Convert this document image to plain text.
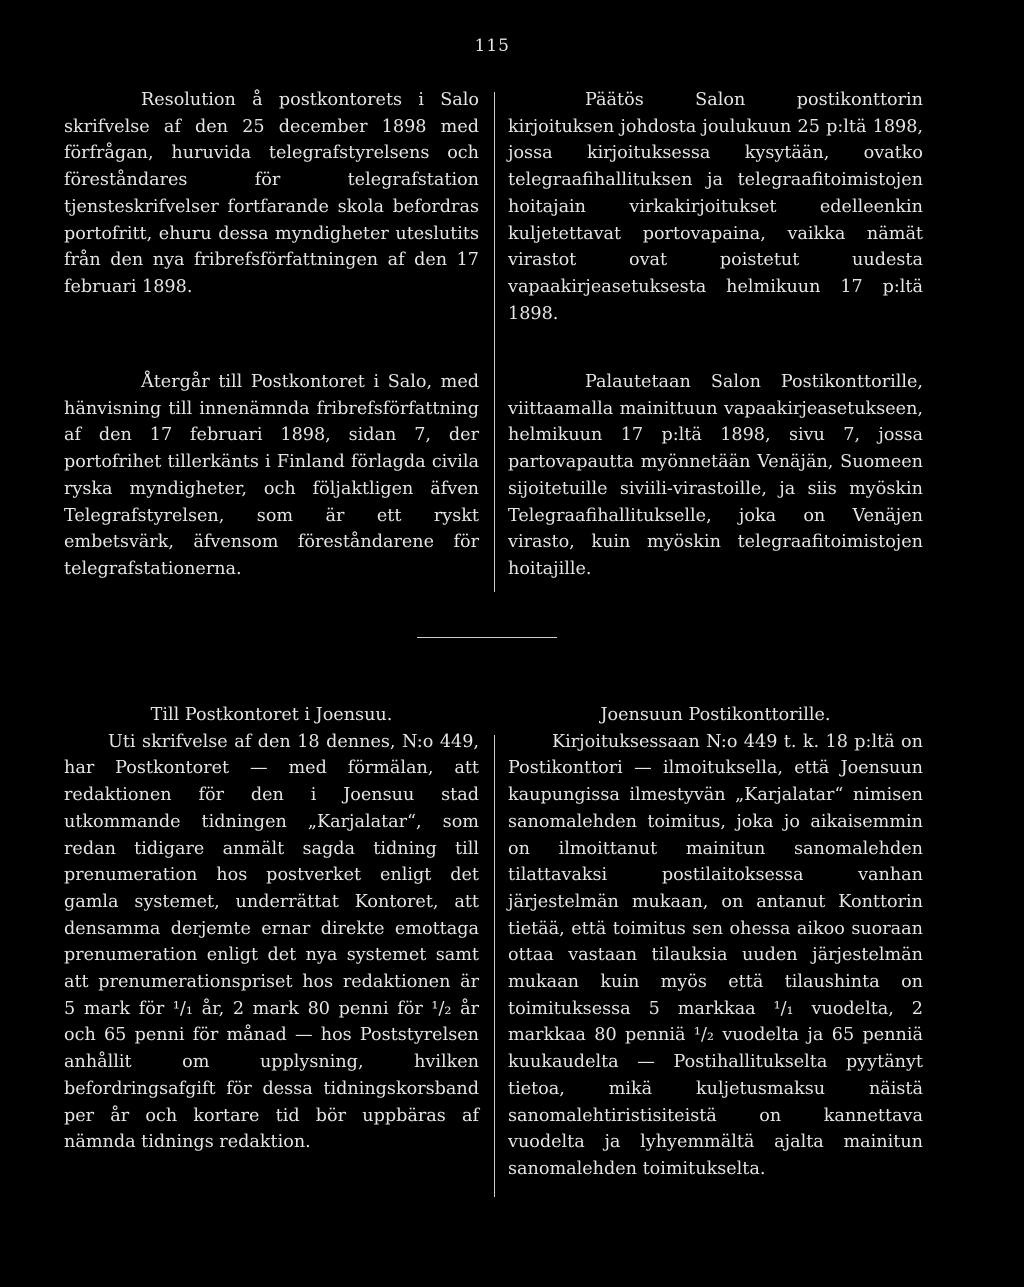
115

Resolution å postkontorets i Salo skrifvelse af den 25 december 1898 med förfrågan, huruvida telegrafstyrelsens och föreståndares för telegrafstation tjensteskrifvelser fortfarande skola befordras portofritt, ehuru dessa myndigheter uteslutits från den nya fribrefsförfattningen af den 17 februari 1898.

Päätös Salon postikonttorin kirjoituksen johdosta joulukuun 25 p:ltä 1898, jossa kirjoituksessa kysytään, ovatko telegraafihallituksen ja telegraafitoimistojen hoitajain virkakirjoitukset edelleenkin kuljetettavat portovapaina, vaikka nämät virastot ovat poistetut uudesta vapaakirjeasetuksesta helmikuun 17 p:ltä 1898.

Återgår till Postkontoret i Salo, med hänvisning till innenämnda fribrefsförfattning af den 17 februari 1898, sidan 7, der portofrihet tillerkänts i Finland förlagda civila ryska myndigheter, och följaktligen äfven Telegrafstyrelsen, som är ett ryskt embetsvärk, äfvensom föreståndarene för telegrafstationerna.

Palautetaan Salon Postikonttorille, viittaamalla mainittuun vapaakirjeasetukseen, helmikuun 17 p:ltä 1898, sivu 7, jossa partovapautta myönnetään Venäjän, Suomeen sijoitetuille siviili-virastoille, ja siis myöskin Telegraafihallitukselle, joka on Venäjen virasto, kuin myöskin telegraafitoimistojen hoitajille.

Till Postkontoret i Joensuu.

Uti skrifvelse af den 18 dennes, N:o 449, har Postkontoret — med förmälan, att redaktionen för den i Joensuu stad utkommande tidningen „Karjalatar“, som redan tidigare anmält sagda tidning till prenumeration hos postverket enligt det gamla systemet, underrättat Kontoret, att densamma derjemte ernar direkte emottaga prenumeration enligt det nya systemet samt att prenumerationspriset hos redaktionen är 5 mark för ¹/₁ år, 2 mark 80 penni för ¹/₂ år och 65 penni för månad — hos Poststyrelsen anhållit om upplysning, hvilken befordringsafgift för dessa tidningskorsband per år och kortare tid bör uppbäras af nämnda tidnings redaktion.

Joensuun Postikonttorille.

Kirjoituksessaan N:o 449 t. k. 18 p:ltä on Postikonttori — ilmoituksella, että Joensuun kaupungissa ilmestyvän „Karjalatar“ nimisen sanomalehden toimitus, joka jo aikaisemmin on ilmoittanut mainitun sanomalehden tilattavaksi postilaitoksessa vanhan järjestelmän mukaan, on antanut Konttorin tietää, että toimitus sen ohessa aikoo suoraan ottaa vastaan tilauksia uuden järjestelmän mukaan kuin myös että tilaushinta on toimituksessa 5 markkaa ¹/₁ vuodelta, 2 markkaa 80 penniä ¹/₂ vuodelta ja 65 penniä kuukaudelta — Postihallitukselta pyytänyt tietoa, mikä kuljetusmaksu näistä sanomalehtiristisiteistä on kannettava vuodelta ja lyhyemmältä ajalta mainitun sanomalehden toimitukselta.
